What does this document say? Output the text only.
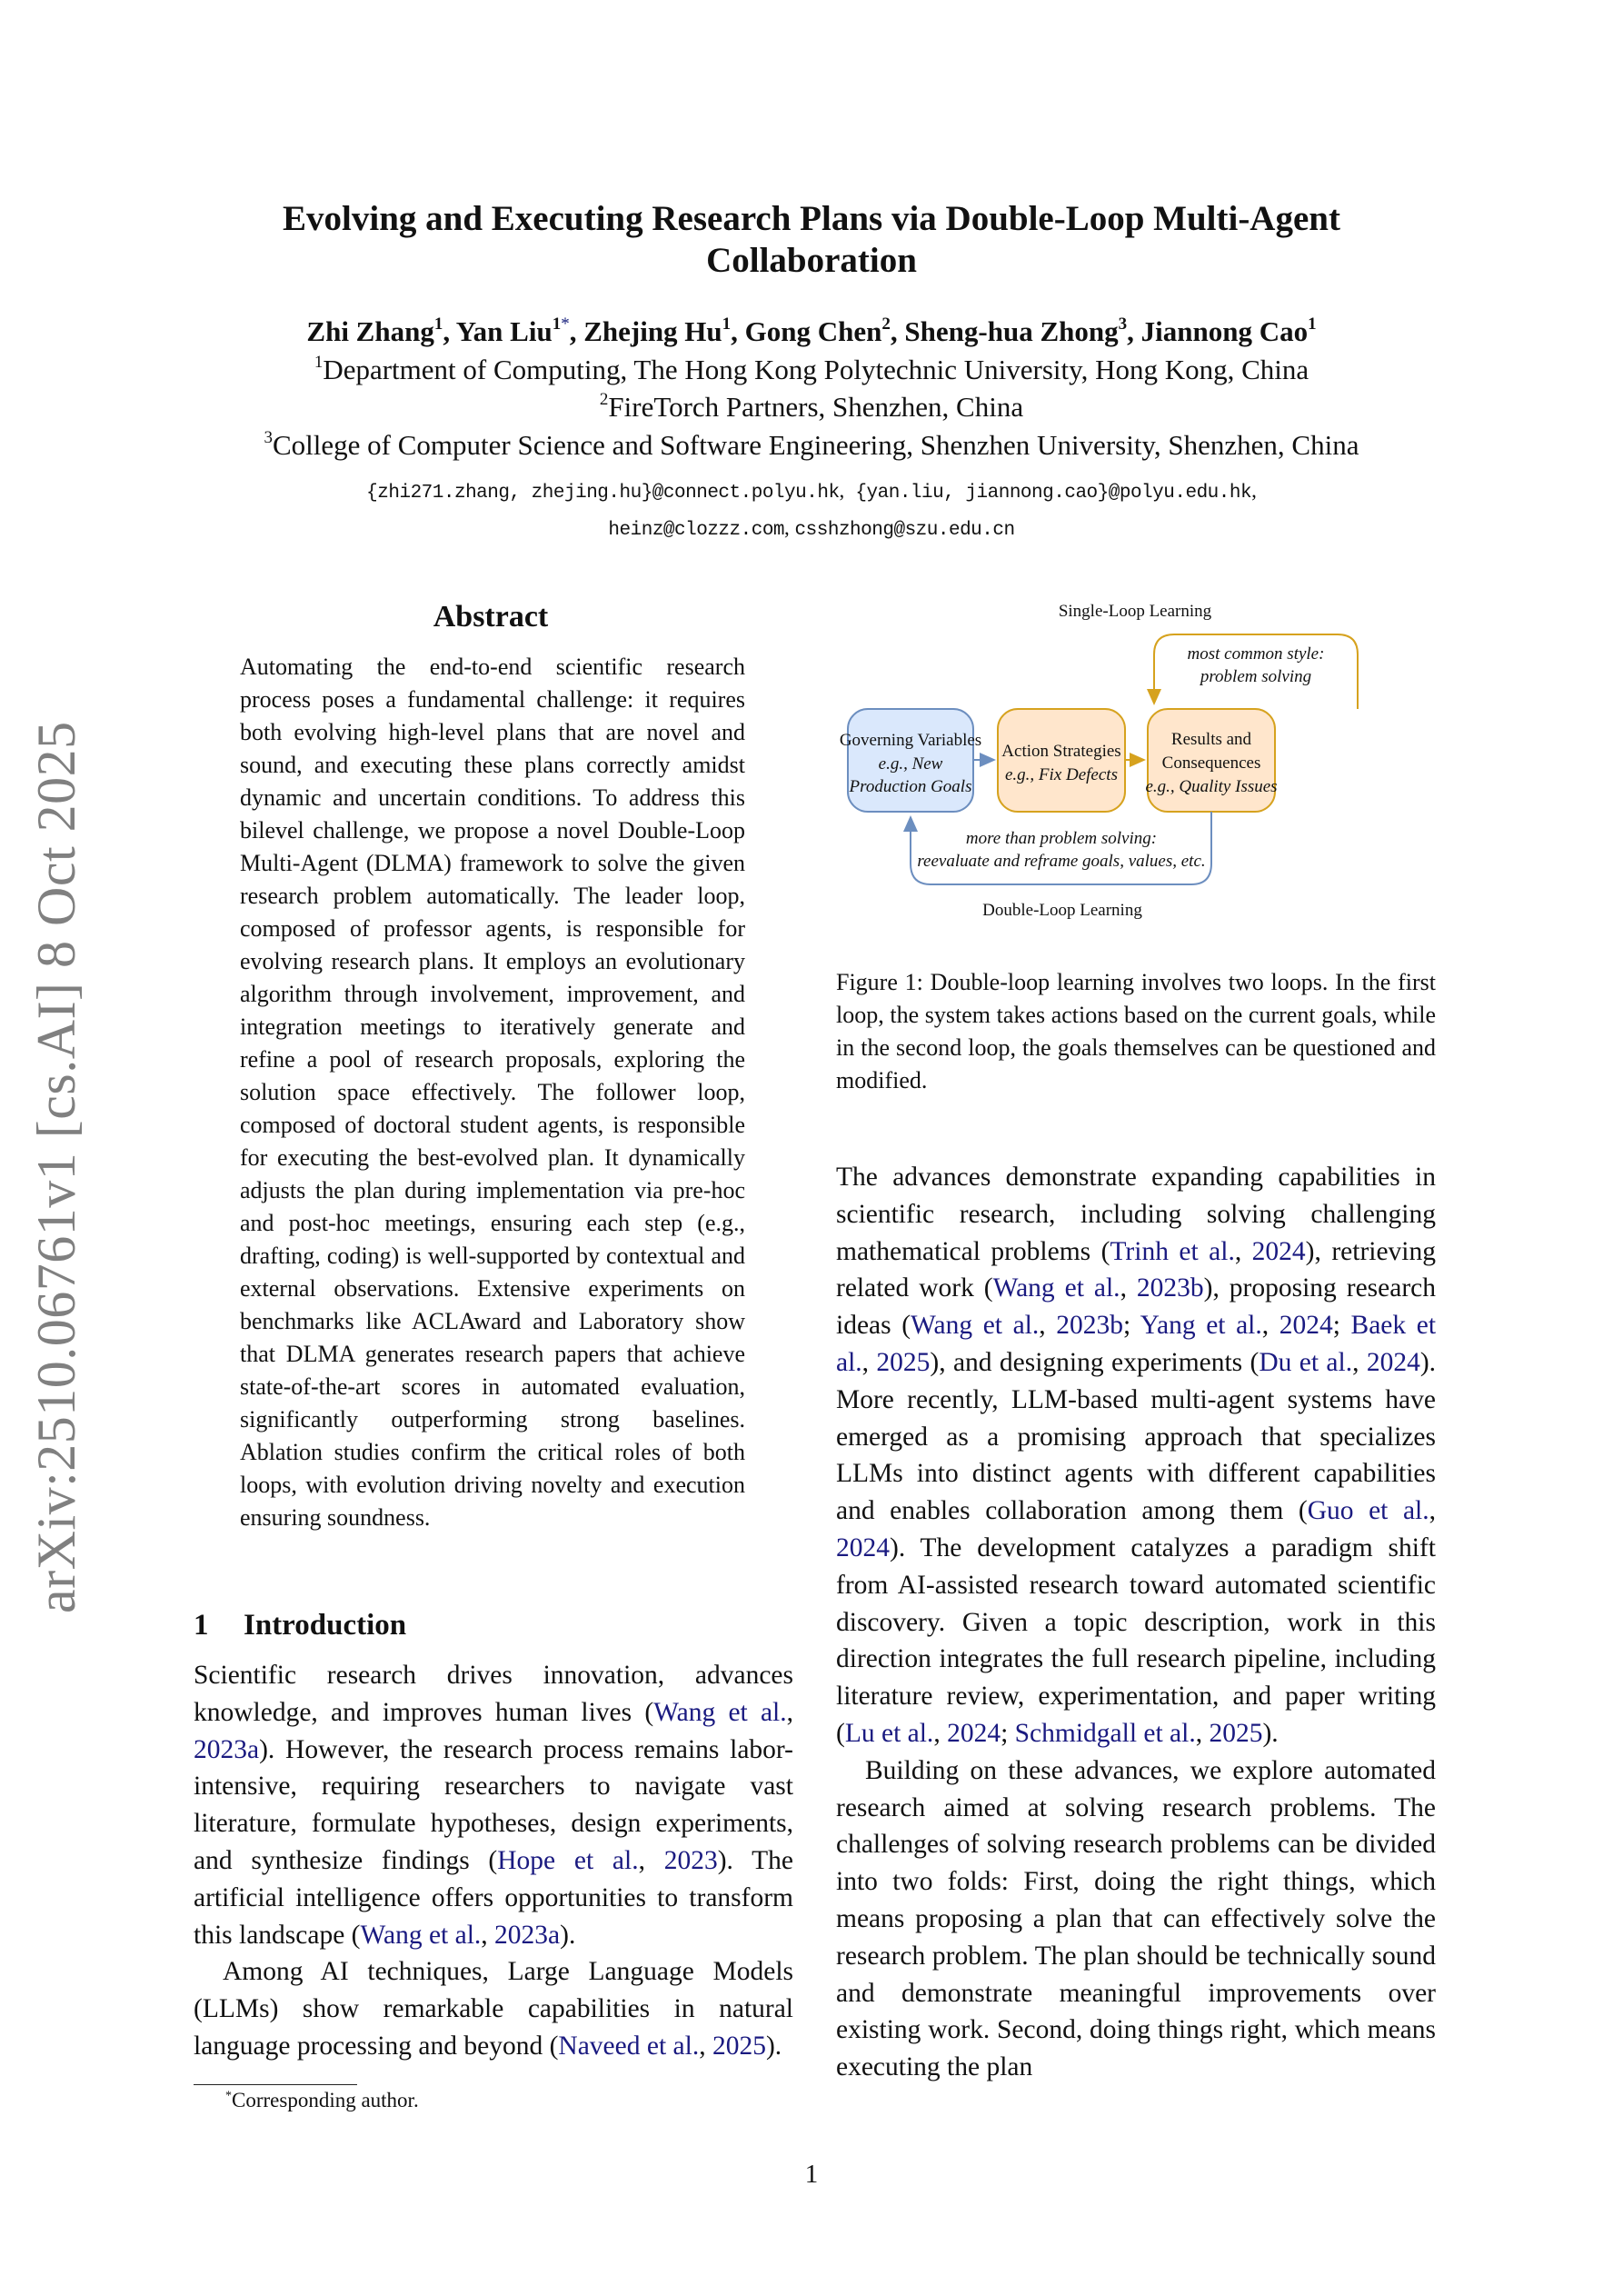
arXiv:2510.06761v1 [cs.AI] 8 Oct 2025
Evolving and Executing Research Plans via Double-Loop Multi-Agent
Collaboration
Zhi Zhang$^1$, Yan Liu$^{1*}$, Zhejing Hu$^1$, Gong Chen$^2$, Sheng-hua Zhong$^3$, Jiannong Cao$^1$
$^1$Department of Computing, The Hong Kong Polytechnic University, Hong Kong, China
$^2$FireTorch Partners, Shenzhen, China
$^3$College of Computer Science and Software Engineering, Shenzhen University, Shenzhen, China
{zhi271.zhang, zhejing.hu}@connect.polyu.hk, {yan.liu, jiannong.cao}@polyu.edu.hk,
heinz@clozzz.com, csshzhong@szu.edu.cn
Abstract
Automating the end-to-end scientific research process poses a fundamental challenge: it requires both evolving high-level plans that are novel and sound, and executing these plans correctly amidst dynamic and uncertain conditions. To address this bilevel challenge, we propose a novel Double-Loop Multi-Agent (DLMA) framework to solve the given research problem automatically. The leader loop, composed of professor agents, is responsible for evolving research plans. It employs an evolutionary algorithm through involvement, improvement, and integration meetings to iteratively generate and refine a pool of research proposals, exploring the solution space effectively. The follower loop, composed of doctoral student agents, is responsible for executing the best-evolved plan. It dynamically adjusts the plan during implementation via pre-hoc and post-hoc meetings, ensuring each step (e.g., drafting, coding) is well-supported by contextual and external observations. Extensive experiments on benchmarks like ACLAward and Laboratory show that DLMA generates research papers that achieve state-of-the-art scores in automated evaluation, significantly outperforming strong baselines. Ablation studies confirm the critical roles of both loops, with evolution driving novelty and execution ensuring soundness.
1 Introduction

Scientific research drives innovation, advances knowledge, and improves human lives (Wang et al., 2023a). However, the research process remains labor-intensive, requiring researchers to navigate vast literature, formulate hypotheses, design experiments, and synthesize findings (Hope et al., 2023). The artificial intelligence offers opportunities to transform this landscape (Wang et al., 2023a).

Among AI techniques, Large Language Models (LLMs) show remarkable capabilities in natural language processing and beyond (Naveed et al., 2025).

*Corresponding author.
Single-Loop Learning
most common style:
problem solving
Governing Variables
e.g., New
Production Goals
Action Strategies
e.g., Fix Defects
Results and
Consequences
e.g., Quality Issues
more than problem solving:
reevaluate and reframe goals, values, etc.
Double-Loop Learning
Figure 1: Double-loop learning involves two loops. In the first loop, the system takes actions based on the current goals, while in the second loop, the goals themselves can be questioned and modified.

The advances demonstrate expanding capabilities in scientific research, including solving challenging mathematical problems (Trinh et al., 2024), retrieving related work (Wang et al., 2023b), proposing research ideas (Wang et al., 2023b; Yang et al., 2024; Baek et al., 2025), and designing experiments (Du et al., 2024). More recently, LLM-based multi-agent systems have emerged as a promising approach that specializes LLMs into distinct agents with different capabilities and enables collaboration among them (Guo et al., 2024). The development catalyzes a paradigm shift from AI-assisted research toward automated scientific discovery. Given a topic description, work in this direction integrates the full research pipeline, including literature review, experimentation, and paper writing (Lu et al., 2024; Schmidgall et al., 2025).

Building on these advances, we explore automated research aimed at solving research problems. The challenges of solving research problems can be divided into two folds: First, doing the right things, which means proposing a plan that can effectively solve the research problem. The plan should be technically sound and demonstrate meaningful improvements over existing work. Second, doing things right, which means executing the plan

1
